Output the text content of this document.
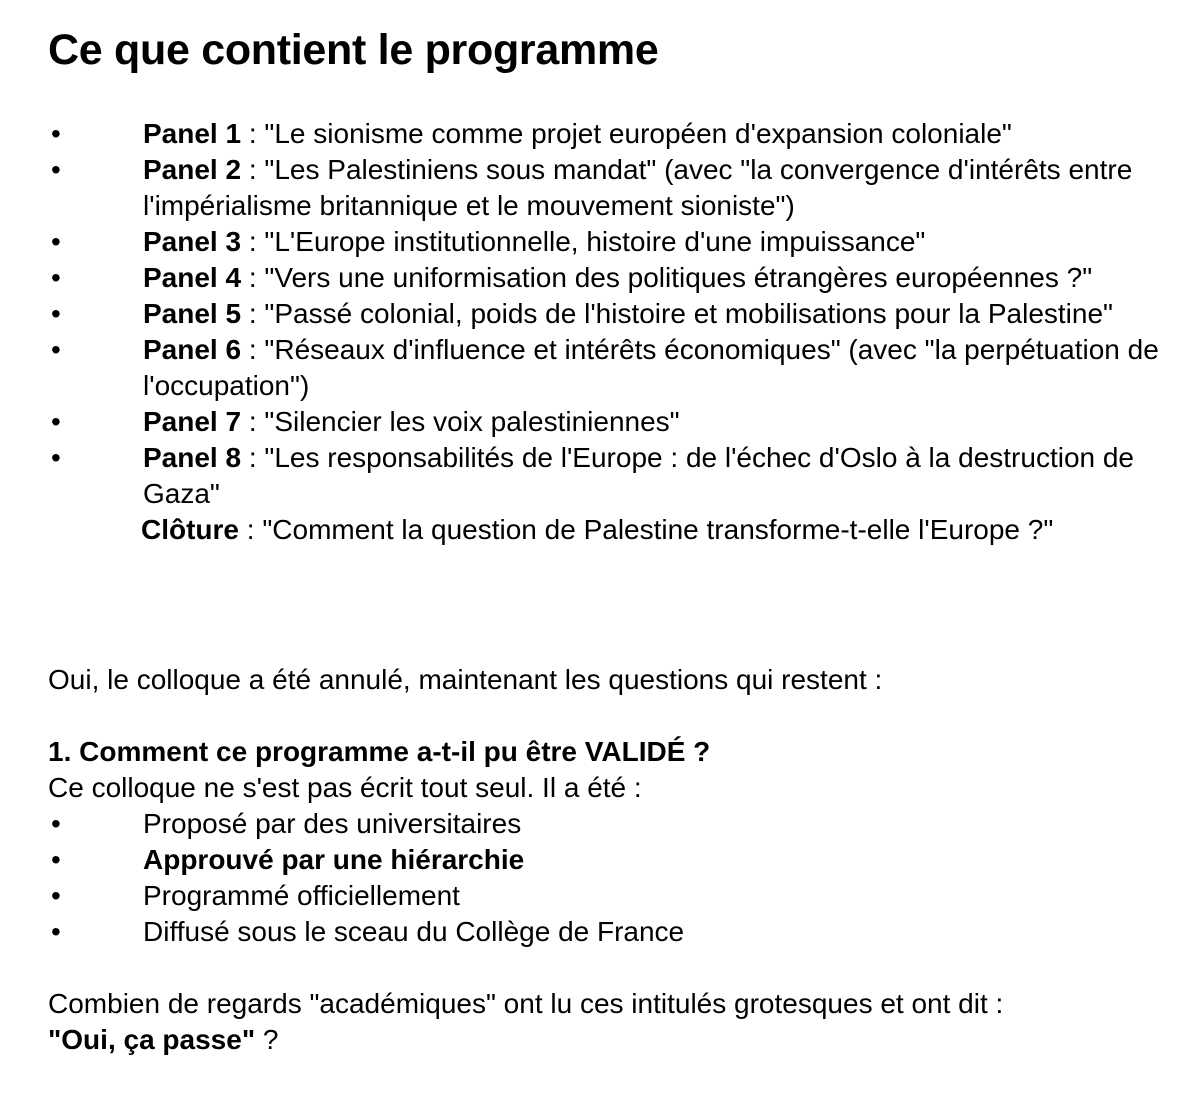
Ce que contient le programme
•	Panel 1 : "Le sionisme comme projet européen d'expansion coloniale"
•	Panel 2 : "Les Palestiniens sous mandat" (avec "la convergence d'intérêts entre l'impérialisme britannique et le mouvement sioniste")
•	Panel 3 : "L'Europe institutionnelle, histoire d'une impuissance"
•	Panel 4 : "Vers une uniformisation des politiques étrangères européennes ?"
•	Panel 5 : "Passé colonial, poids de l'histoire et mobilisations pour la Palestine"
•	Panel 6 : "Réseaux d'influence et intérêts économiques" (avec "la perpétuation de l'occupation")
•	Panel 7 : "Silencier les voix palestiniennes"
•	Panel 8 : "Les responsabilités de l'Europe : de l'échec d'Oslo à la destruction de Gaza"
Clôture : "Comment la question de Palestine transforme-t-elle l'Europe ?"

Oui, le colloque a été annulé, maintenant les questions qui restent :

1. Comment ce programme a-t-il pu être VALIDÉ ?

Ce colloque ne s'est pas écrit tout seul. Il a été :

•	Proposé par des universitaires
•	Approuvé par une hiérarchie
•	Programmé officiellement
•	Diffusé sous le sceau du Collège de France

Combien de regards "académiques" ont lu ces intitulés grotesques et ont dit :
"Oui, ça passe" ?
